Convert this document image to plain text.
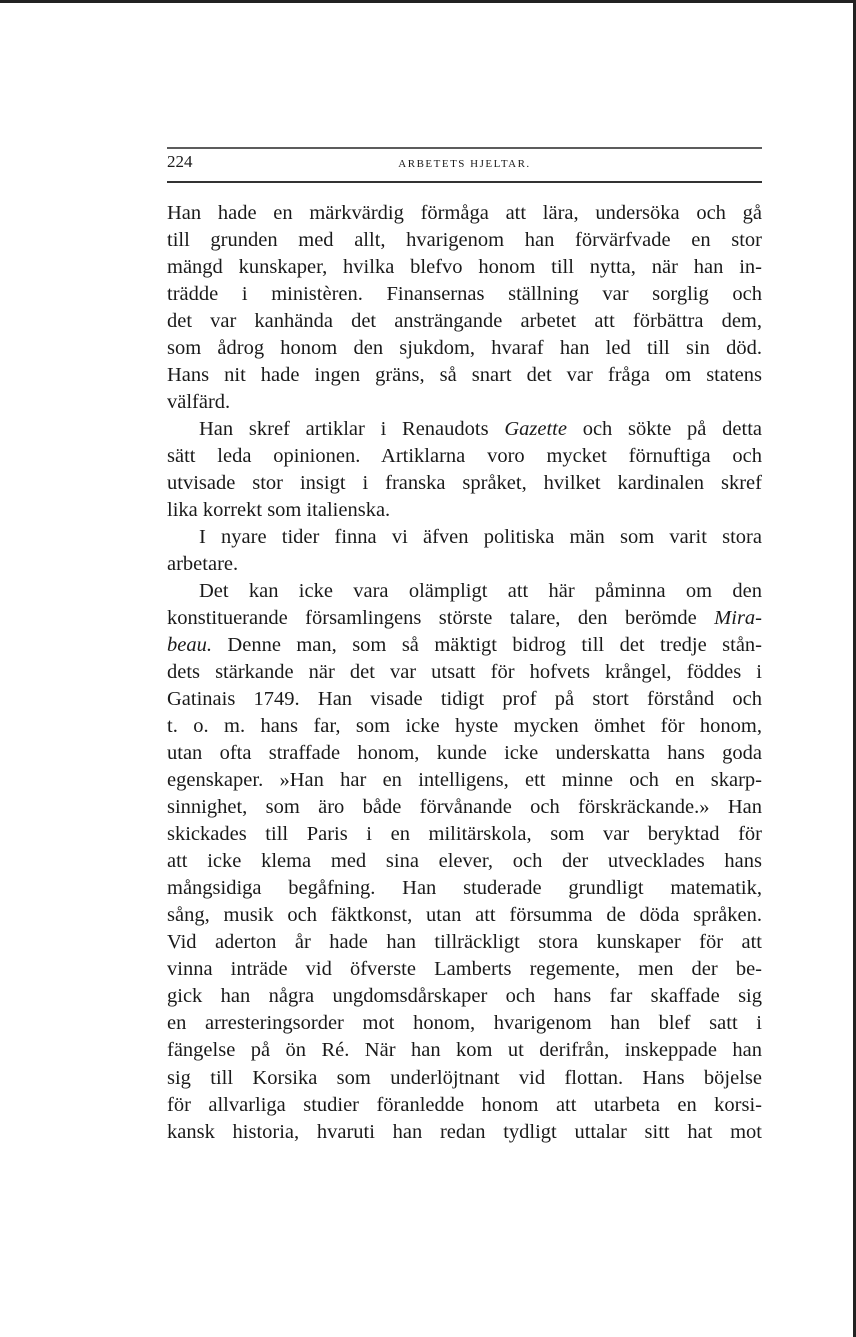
224	ARBETETS HJELTAR.
Han hade en märkvärdig förmåga att lära, undersöka och gå
till grunden med allt, hvarigenom han förvärfvade en stor
mängd kunskaper, hvilka blefvo honom till nytta, när han in-
trädde i ministèren. Finansernas ställning var sorglig och
det var kanhända det ansträngande arbetet att förbättra dem,
som ådrog honom den sjukdom, hvaraf han led till sin död.
Hans nit hade ingen gräns, så snart det var fråga om statens
välfärd.
Han skref artiklar i Renaudots Gazette och sökte på detta
sätt leda opinionen. Artiklarna voro mycket förnuftiga och
utvisade stor insigt i franska språket, hvilket kardinalen skref
lika korrekt som italienska.
I nyare tider finna vi äfven politiska män som varit stora
arbetare.
Det kan icke vara olämpligt att här påminna om den
konstituerande församlingens störste talare, den berömde Mira-
beau. Denne man, som så mäktigt bidrog till det tredje stån-
dets stärkande när det var utsatt för hofvets krångel, föddes i
Gatinais 1749. Han visade tidigt prof på stort förstånd och
t. o. m. hans far, som icke hyste mycken ömhet för honom,
utan ofta straffade honom, kunde icke underskatta hans goda
egenskaper. »Han har en intelligens, ett minne och en skarp-
sinnighet, som äro både förvånande och förskräckande.» Han
skickades till Paris i en militärskola, som var beryktad för
att icke klema med sina elever, och der utvecklades hans
mångsidiga begåfning. Han studerade grundligt matematik,
sång, musik och fäktkonst, utan att försumma de döda språken.
Vid aderton år hade han tillräckligt stora kunskaper för att
vinna inträde vid öfverste Lamberts regemente, men der be-
gick han några ungdomsdårskaper och hans far skaffade sig
en arresteringsorder mot honom, hvarigenom han blef satt i
fängelse på ön Ré. När han kom ut derifrån, inskeppade han
sig till Korsika som underlöjtnant vid flottan. Hans böjelse
för allvarliga studier föranledde honom att utarbeta en korsi-
kansk historia, hvaruti han redan tydligt uttalar sitt hat mot
